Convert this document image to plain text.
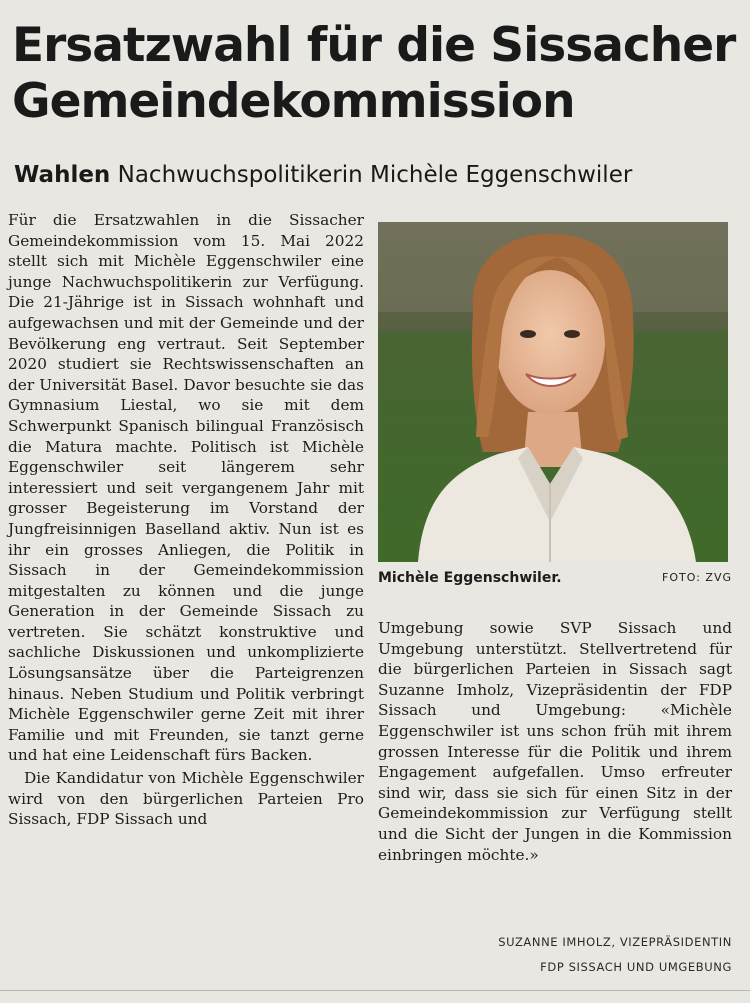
Ersatzwahl für die Sissacher
Gemeindekommission
Wahlen Nachwuchspolitikerin Michèle Eggenschwiler

Für die Ersatzwahlen in die Sissacher Gemeindekommission vom 15. Mai 2022 stellt sich mit Michèle Eggenschwiler eine junge Nachwuchspolitikerin zur Verfügung. Die 21-Jährige ist in Sissach wohnhaft und aufgewachsen und mit der Gemeinde und der Bevölkerung eng vertraut. Seit September 2020 studiert sie Rechtswissenschaften an der Universität Basel. Davor besuchte sie das Gymnasium Liestal, wo sie mit dem Schwerpunkt Spanisch bilingual Französisch die Matura machte. Politisch ist Michèle Eggenschwiler seit längerem sehr interessiert und seit vergangenem Jahr mit grosser Begeisterung im Vorstand der Jungfreisinnigen Baselland aktiv. Nun ist es ihr ein grosses Anliegen, die Politik in Sissach in der Gemeindekommission mitgestalten zu können und die junge Generation in der Gemeinde Sissach zu vertreten. Sie schätzt konstruktive und sachliche Diskussionen und unkomplizierte Lösungsansätze über die Parteigrenzen hinaus. Neben Studium und Politik verbringt Michèle Eggenschwiler gerne Zeit mit ihrer Familie und mit Freunden, sie tanzt gerne und hat eine Leidenschaft fürs Backen.

Die Kandidatur von Michèle Eggenschwiler wird von den bürgerlichen Parteien Pro Sissach, FDP Sissach und

Michèle Eggenschwiler.	FOTO: ZVG

Umgebung sowie SVP Sissach und Umgebung unterstützt. Stellvertretend für die bürgerlichen Parteien in Sissach sagt Suzanne Imholz, Vizepräsidentin der FDP Sissach und Umgebung: «Michèle Eggenschwiler ist uns schon früh mit ihrem grossen Interesse für die Politik und ihrem Engagement aufgefallen. Umso erfreuter sind wir, dass sie sich für einen Sitz in der Gemeindekommission zur Verfügung stellt und die Sicht der Jungen in die Kommission einbringen möchte.»

SUZANNE IMHOLZ, VIZEPRÄSIDENTIN
FDP SISSACH UND UMGEBUNG
